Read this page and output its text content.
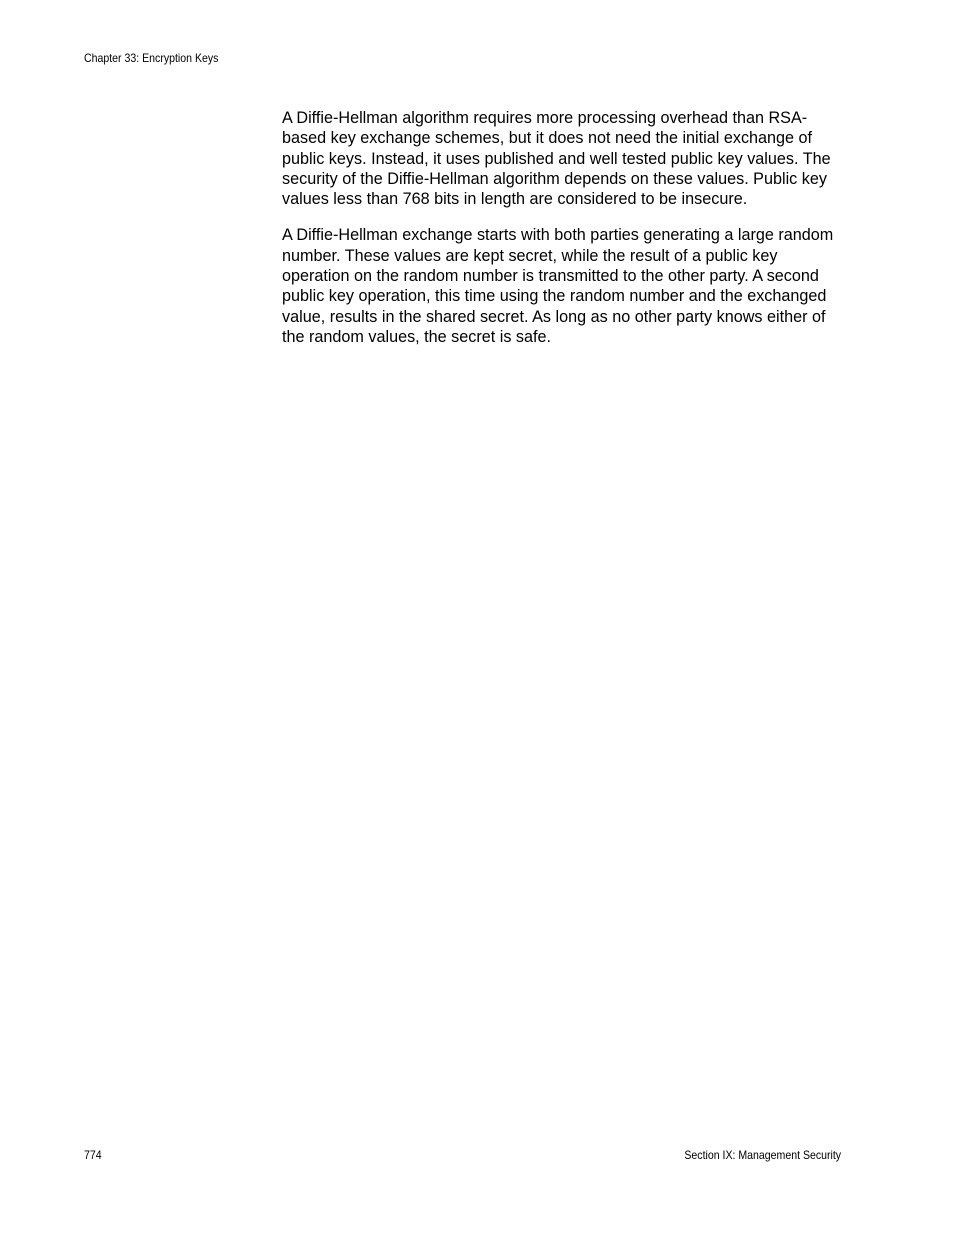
Chapter 33: Encryption Keys

A Diffie-Hellman algorithm requires more processing overhead than RSA-based key exchange schemes, but it does not need the initial exchange of public keys. Instead, it uses published and well tested public key values. The security of the Diffie-Hellman algorithm depends on these values. Public key values less than 768 bits in length are considered to be insecure.

A Diffie-Hellman exchange starts with both parties generating a large random number. These values are kept secret, while the result of a public key operation on the random number is transmitted to the other party. A second public key operation, this time using the random number and the exchanged value, results in the shared secret. As long as no other party knows either of the random values, the secret is safe.

774	Section IX: Management Security
